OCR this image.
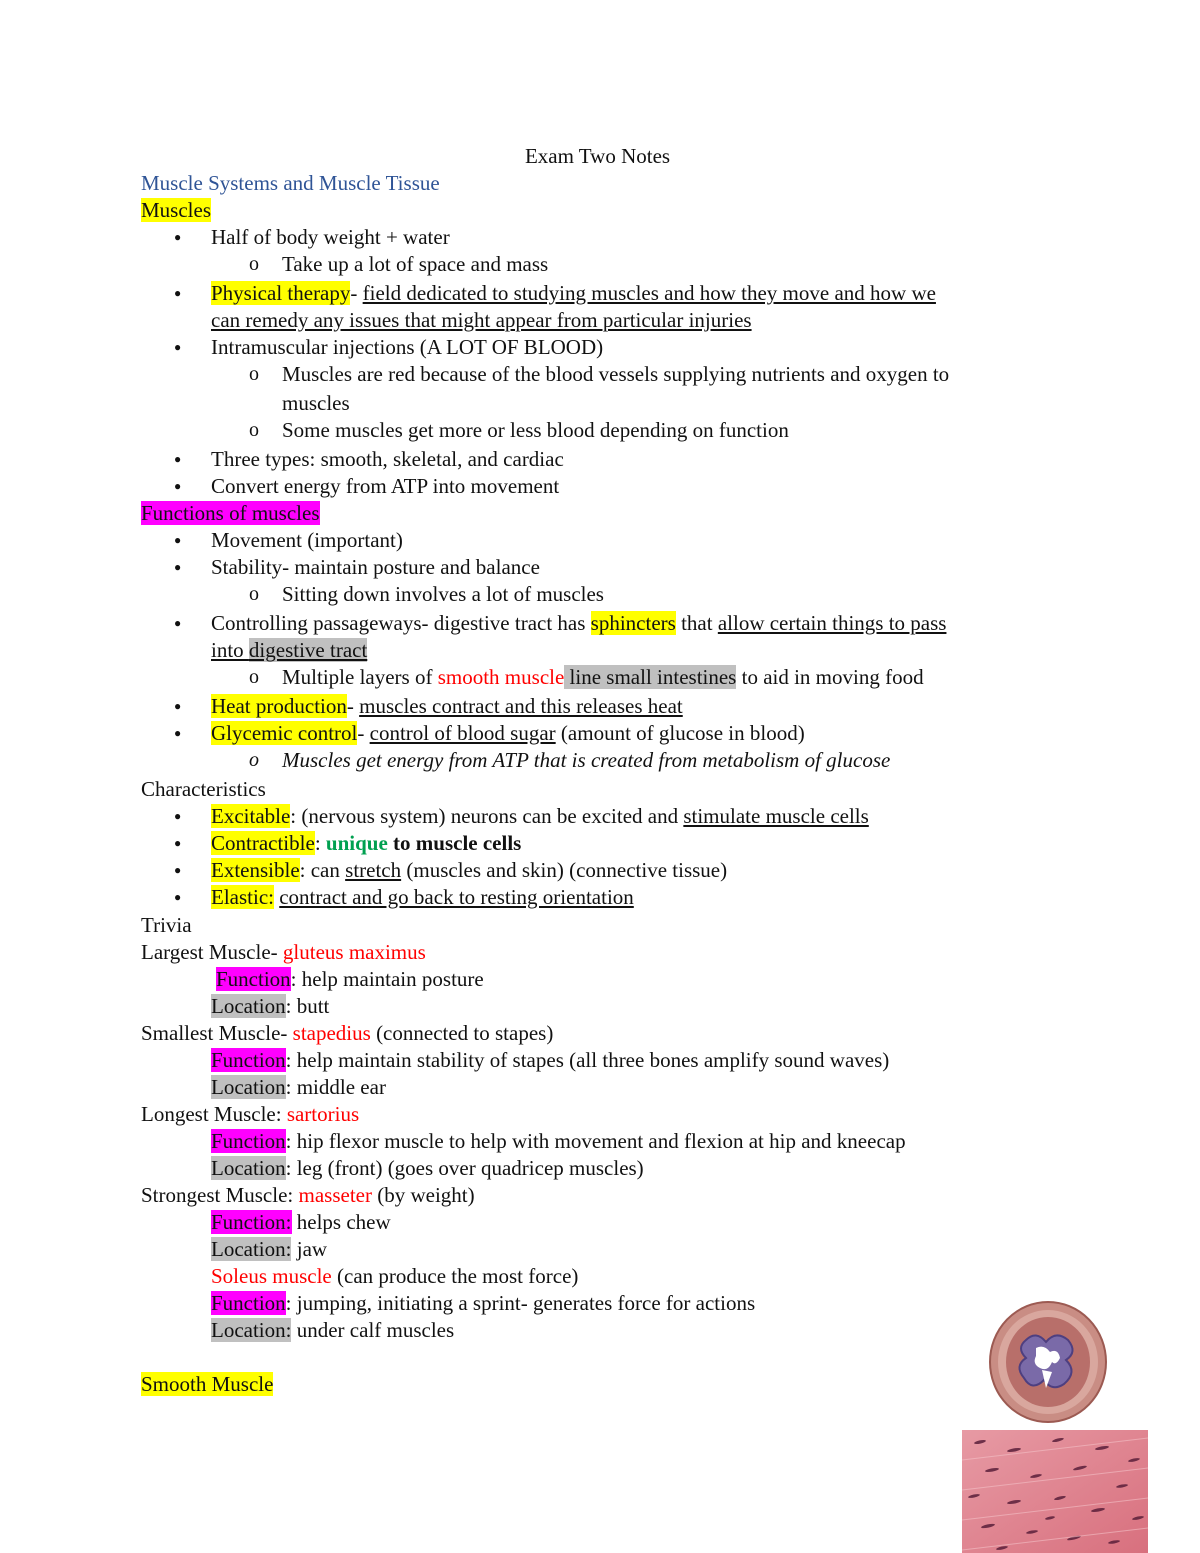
Exam Two Notes
Muscle Systems and Muscle Tissue
Muscles
● Half of body weight + water
o Take up a lot of space and mass
● Physical therapy- field dedicated to studying muscles and how they move and how we
can remedy any issues that might appear from particular injuries
● Intramuscular injections (A LOT OF BLOOD)
o Muscles are red because of the blood vessels supplying nutrients and oxygen to
muscles
o Some muscles get more or less blood depending on function
● Three types: smooth, skeletal, and cardiac
● Convert energy from ATP into movement
Functions of muscles
● Movement (important)
● Stability- maintain posture and balance
o Sitting down involves a lot of muscles
● Controlling passageways- digestive tract has sphincters that allow certain things to pass
into digestive tract
o Multiple layers of smooth muscle line small intestines to aid in moving food
● Heat production- muscles contract and this releases heat
● Glycemic control- control of blood sugar (amount of glucose in blood)
o Muscles get energy from ATP that is created from metabolism of glucose
Characteristics
● Excitable: (nervous system) neurons can be excited and stimulate muscle cells
● Contractible: unique to muscle cells
● Extensible: can stretch (muscles and skin) (connective tissue)
● Elastic: contract and go back to resting orientation
Trivia
Largest Muscle- gluteus maximus
Function: help maintain posture
Location: butt
Smallest Muscle- stapedius (connected to stapes)
Function: help maintain stability of stapes (all three bones amplify sound waves)
Location: middle ear
Longest Muscle: sartorius
Function: hip flexor muscle to help with movement and flexion at hip and kneecap
Location: leg (front) (goes over quadricep muscles)
Strongest Muscle: masseter (by weight)
Function: helps chew
Location: jaw
Soleus muscle (can produce the most force)
Function: jumping, initiating a sprint- generates force for actions
Location: under calf muscles
Smooth Muscle
